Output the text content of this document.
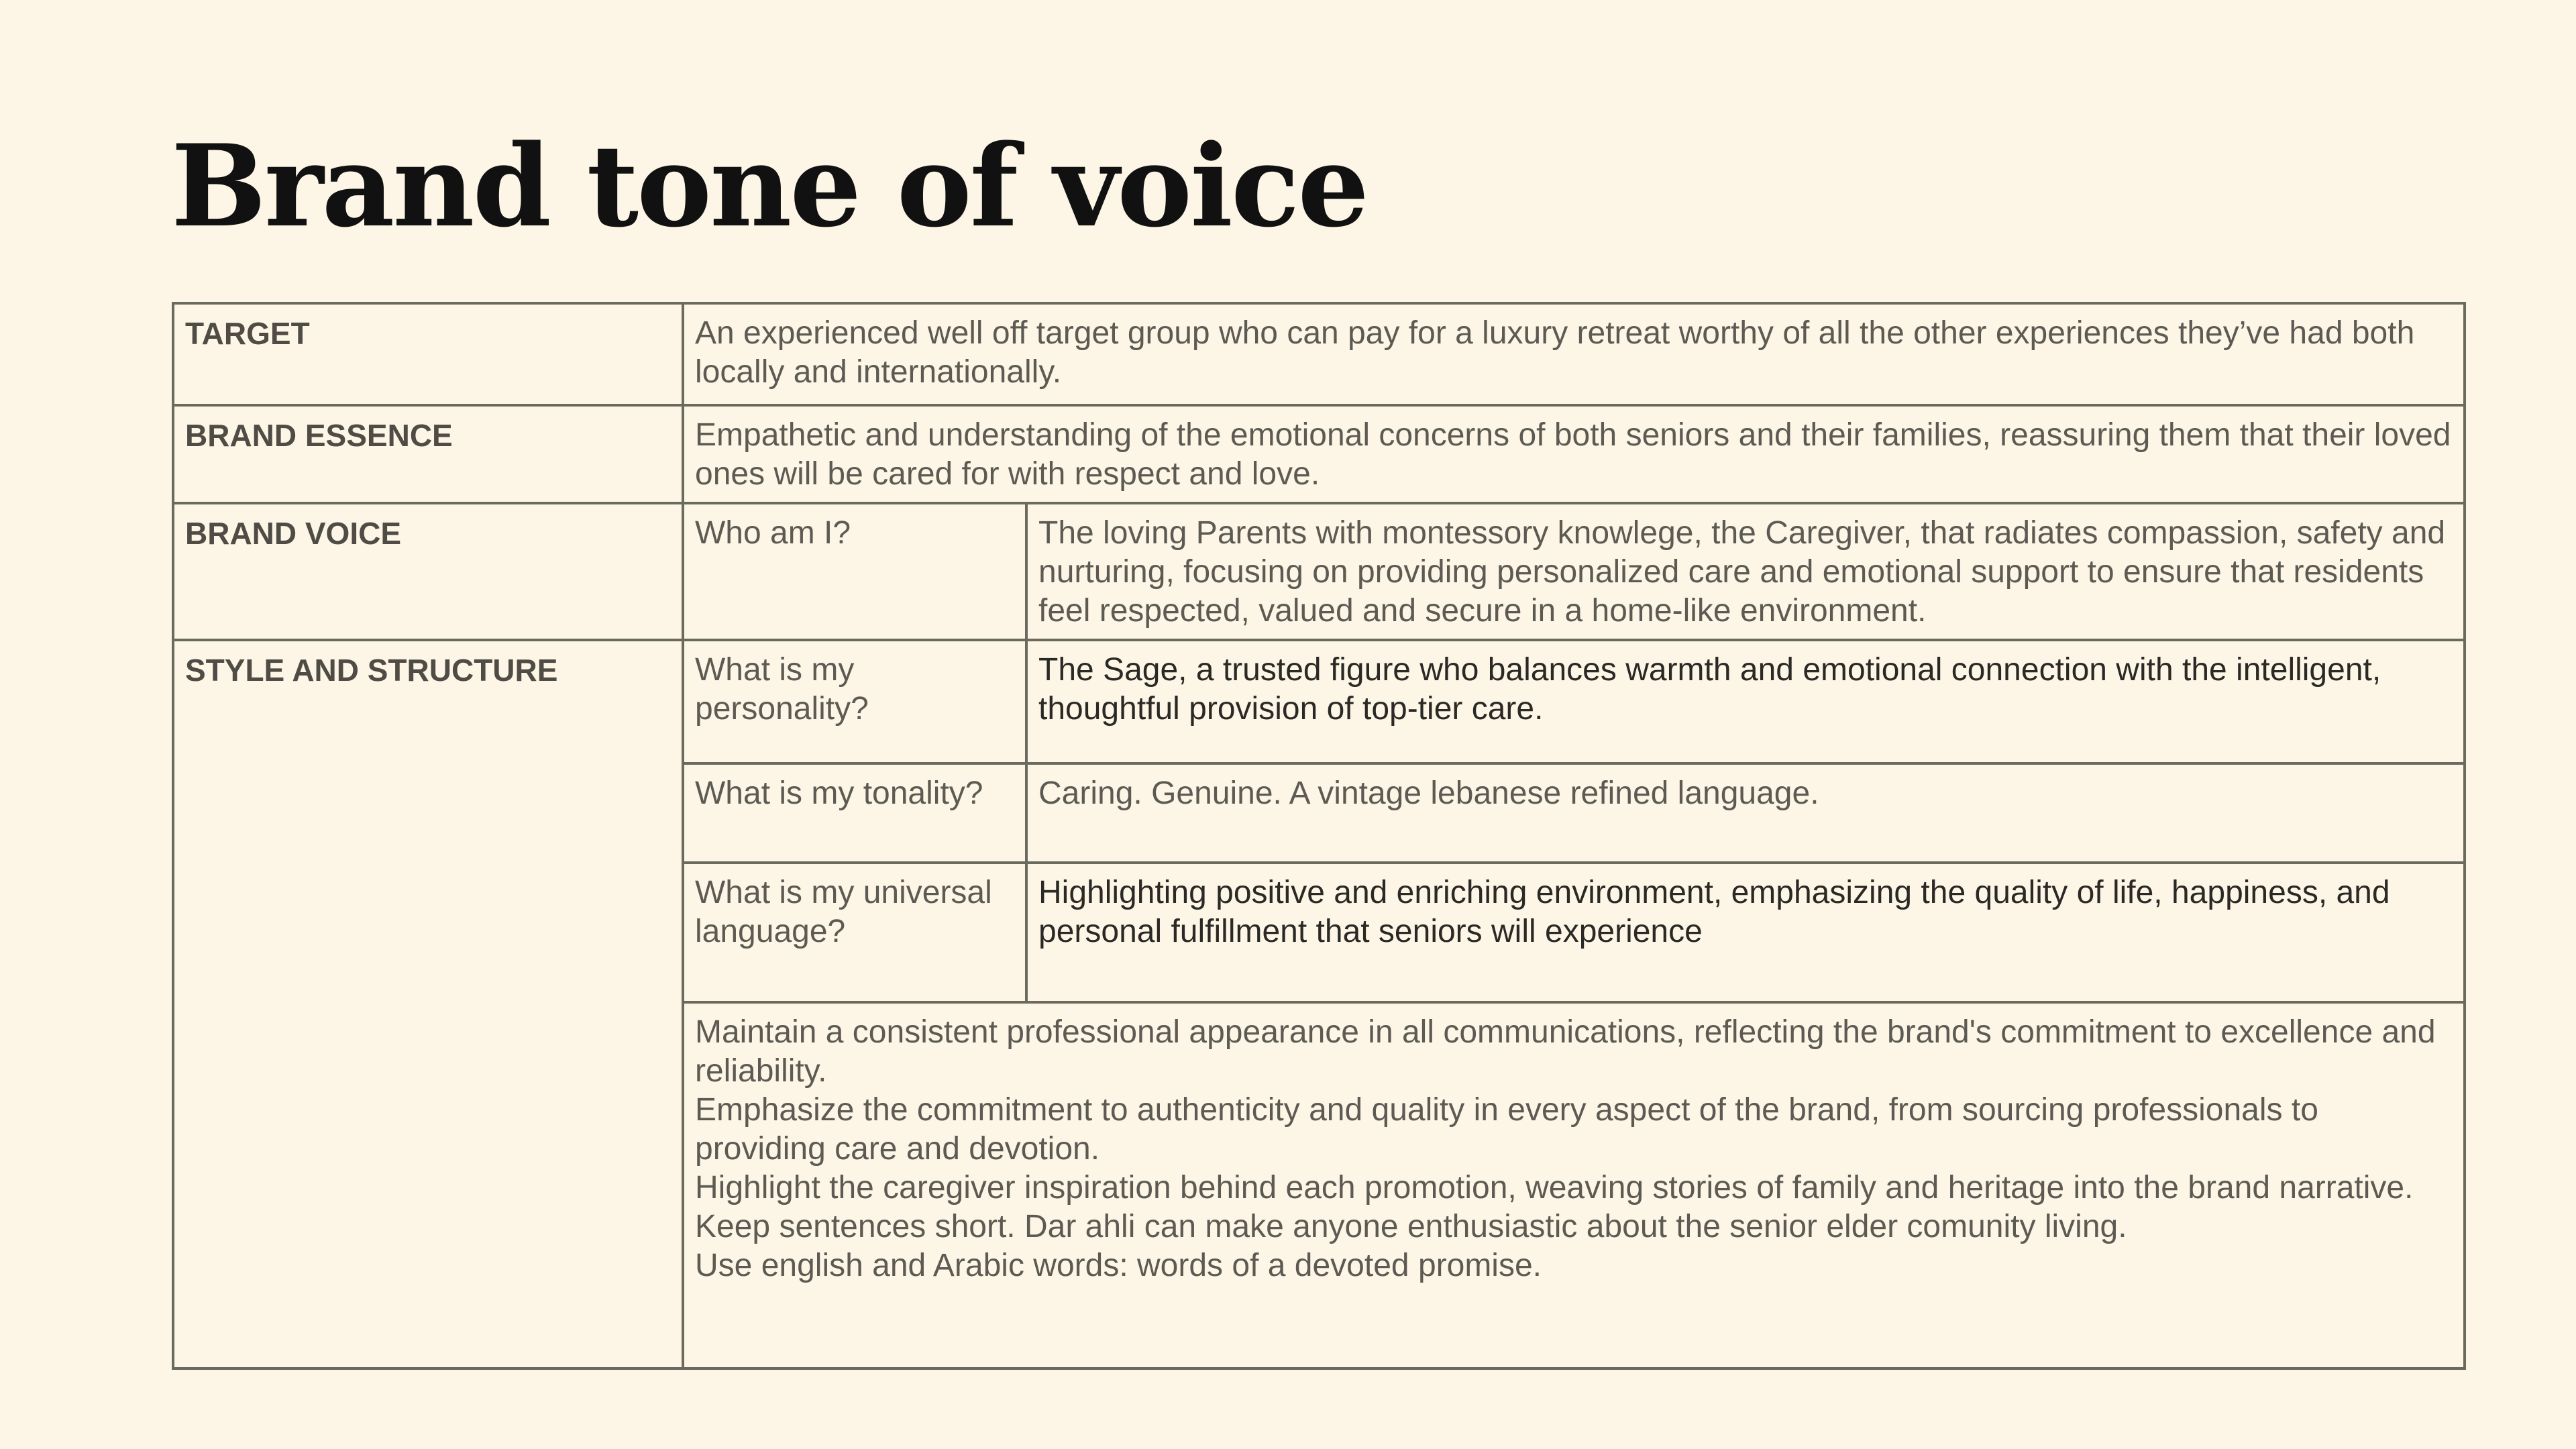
Brand tone of voice
TARGET	An experienced well off target group who can pay for a luxury retreat worthy of all the other experiences they’ve had both locally and internationally.	
BRAND ESSENCE	Empathetic and understanding of the emotional concerns of both seniors and their families, reassuring them that their loved ones will be cared for with respect and love.	
BRAND VOICE	Who am I?	The loving Parents with montessory knowlege, the Caregiver, that radiates compassion, safety and nurturing, focusing on providing personalized care and emotional support to ensure that residents feel respected, valued and secure in a home-like environment.
STYLE AND STRUCTURE	What is my personality?	The Sage, a trusted figure who balances warmth and emotional connection with the intelligent, thoughtful provision of top-tier care.
	What is my tonality?	Caring. Genuine. A vintage lebanese refined language.
	What is my universal language?	Highlighting positive and enriching environment, emphasizing the quality of life, happiness, and personal fulfillment that seniors will experience

	Maintain a consistent professional appearance in all communications, reflecting the brand's commitment to excellence and reliability.
Emphasize the commitment to authenticity and quality in every aspect of the brand, from sourcing professionals to providing care and devotion.
Highlight the caregiver inspiration behind each promotion, weaving stories of family and heritage into the brand narrative.
Keep sentences short. Dar ahli can make anyone enthusiastic about the senior elder comunity living.
Use english and Arabic words: words of a devoted promise.	
